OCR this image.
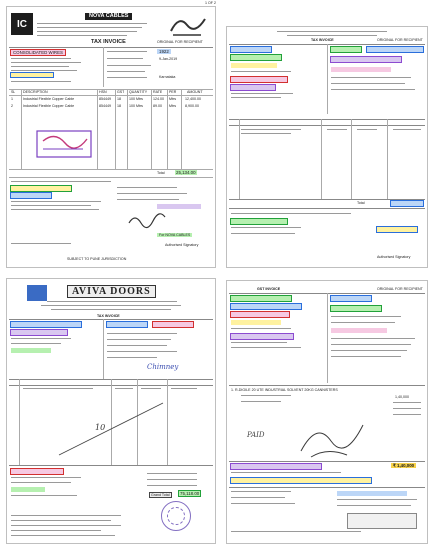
1 OF 2
IC
NOVA CABLES
TAX INVOICE	ORIGINAL FOR RECIPIENT
CONSOLIDATED WIRES	1922
9-Jan-2019
Karnataka
SL DESCRIPTION	HSN	GST QUANTITY RATE PER	AMOUNT
1	Industrial Flexible Copper Cable	854449 18 100 Mtrs	124.00 Mtrs	12,400.00
2	Industrial Flexible Copper Cable	854449 18 100 Mtrs	89.00 Mtrs	8,900.00
Total	25,134.00
For NOVA CABLES
Authorised Signatory
SUBJECT TO PUNE JURISDICTION
TAX INVOICE	ORIGINAL FOR RECIPIENT
Total
Authorised Signatory
AVIVA DOORS
TAX INVOICE
Chimney
10
Grand Total	75,118.00
GST INVOICE	ORIGINAL FOR RECIPIENT
1. R-DIGILE 20 UTE INDUSTRIAL SOLVENT 20KG CANNISTERS
1,40,000
PAID
₹ 1,40,000
